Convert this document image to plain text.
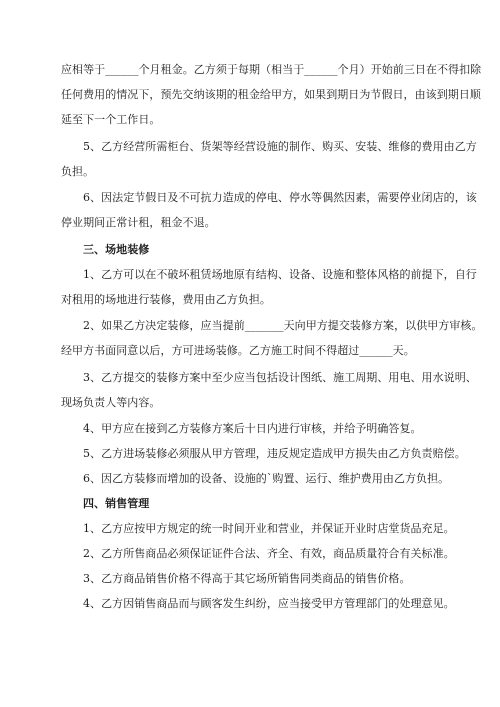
应相等于______个月租金。乙方须于每期（相当于______个月）开始前三日在不得扣除
任何费用的情况下，预先交纳该期的租金给甲方，如果到期日为节假日，由该到期日顺
延至下一个工作日。
5、乙方经营所需柜台、货架等经营设施的制作、购买、安装、维修的费用由乙方
负担。
6、因法定节假日及不可抗力造成的停电、停水等偶然因素，需要停业闭店的，该
停业期间正常计租，租金不退。
三、场地装修
1、乙方可以在不破坏租赁场地原有结构、设备、设施和整体风格的前提下，自行
对租用的场地进行装修，费用由乙方负担。
2、如果乙方决定装修，应当提前_______天向甲方提交装修方案，以供甲方审核。
经甲方书面同意以后，方可进场装修。乙方施工时间不得超过______天。
3、乙方提交的装修方案中至少应当包括设计图纸、施工周期、用电、用水说明、
现场负责人等内容。
4、甲方应在接到乙方装修方案后十日内进行审核，并给予明确答复。
5、乙方进场装修必须服从甲方管理，违反规定造成甲方损失由乙方负责赔偿。
6、因乙方装修而增加的设备、设施的`购置、运行、维护费用由乙方负担。
四、销售管理
1、乙方应按甲方规定的统一时间开业和营业，并保证开业时店堂货品充足。
2、乙方所售商品必须保证证件合法、齐全、有效，商品质量符合有关标准。
3、乙方商品销售价格不得高于其它场所销售同类商品的销售价格。
4、乙方因销售商品而与顾客发生纠纷，应当接受甲方管理部门的处理意见。
